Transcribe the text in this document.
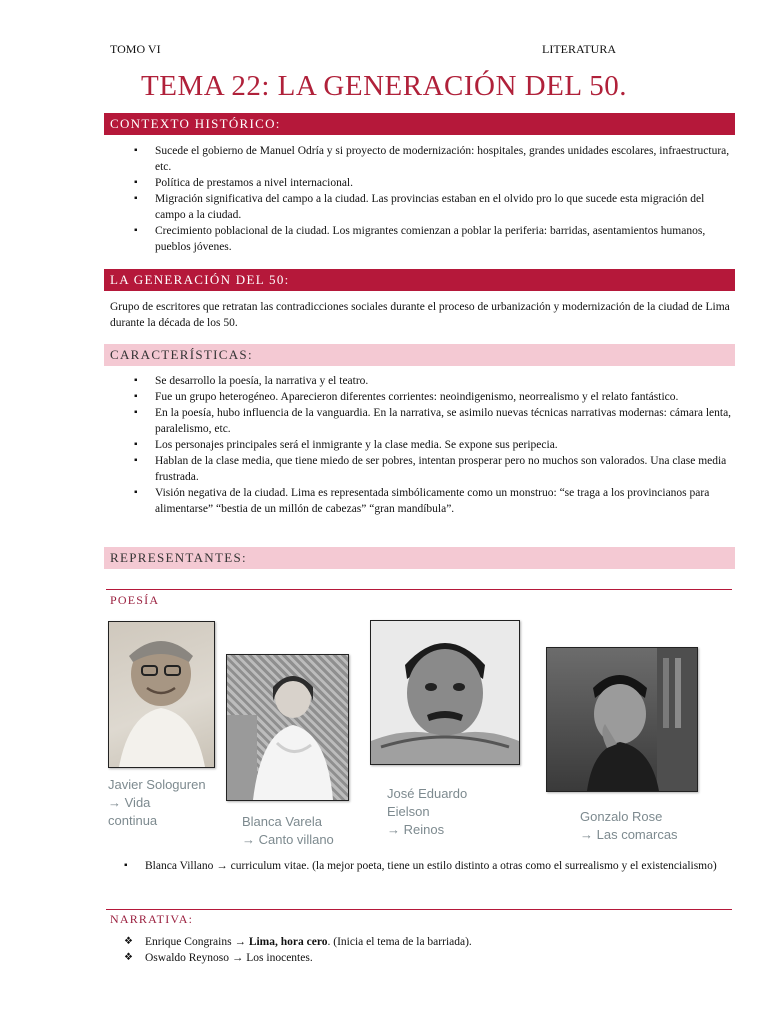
TOMO VI	LITERATURA
TEMA 22: LA GENERACIÓN DEL 50.
CONTEXTO HISTÓRICO:
▪ Sucede el gobierno de Manuel Odría y si proyecto de modernización: hospitales, grandes unidades escolares, infraestructura, etc.
▪ Política de prestamos a nivel internacional.
▪ Migración significativa del campo a la ciudad. Las provincias estaban en el olvido pro lo que sucede esta migración del campo a la ciudad.
▪ Crecimiento poblacional de la ciudad. Los migrantes comienzan a poblar la periferia: barridas, asentamientos humanos, pueblos jóvenes.
LA GENERACIÓN DEL 50:
Grupo de escritores que retratan las contradicciones sociales durante el proceso de urbanización y modernización de la ciudad de Lima durante la década de los 50.
CARACTERÍSTICAS:
▪ Se desarrollo la poesía, la narrativa y el teatro.
▪ Fue un grupo heterogéneo. Aparecieron diferentes corrientes: neoindigenismo, neorrealismo y el relato fantástico.
▪ En la poesía, hubo influencia de la vanguardia. En la narrativa, se asimilo nuevas técnicas narrativas modernas: cámara lenta, paralelismo, etc.
▪ Los personajes principales será el inmigrante y la clase media. Se expone sus peripecia.
▪ Hablan de la clase media, que tiene miedo de ser pobres, intentan prosperar pero no muchos son valorados. Una clase media frustrada.
▪ Visión negativa de la ciudad. Lima es representada simbólicamente como un monstruo: “se traga a los provincianos para alimentarse” “bestia de un millón de cabezas” “gran mandíbula”.
REPRESENTANTES:
POESÍA
Javier Sologuren
→ Vida
continua	Blanca Varela
→ Canto villano
José Eduardo
Eielson
→ Reinos
Gonzalo Rose
→ Las comarcas
▪ Blanca Villano → curriculum vitae. (la mejor poeta, tiene un estilo distinto a otras como el surrealismo y el existencialismo)
NARRATIVA:
❖ Enrique Congrains → Lima, hora cero. (Inicia el tema de la barriada).
❖ Oswaldo Reynoso → Los inocentes.
